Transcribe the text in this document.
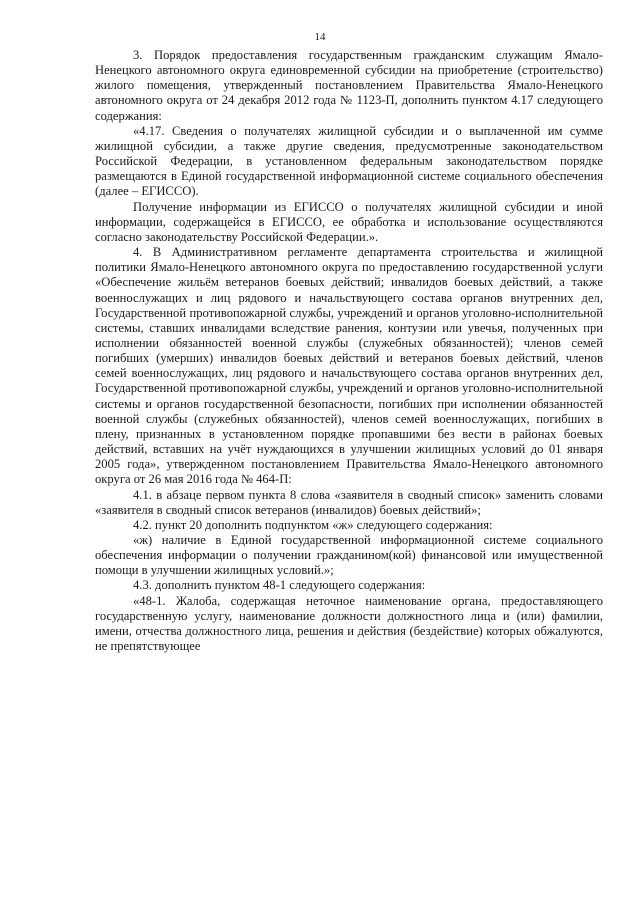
14

3. Порядок предоставления государственным гражданским служащим Ямало-Ненецкого автономного округа единовременной субсидии на приобретение (строительство) жилого помещения, утвержденный постановлением Правительства Ямало-Ненецкого автономного округа от 24 декабря 2012 года № 1123-П, дополнить пунктом 4.17 следующего содержания:

«4.17. Сведения о получателях жилищной субсидии и о выплаченной им сумме жилищной субсидии, а также другие сведения, предусмотренные законодательством Российской Федерации, в установленном федеральным законодательством порядке размещаются в Единой государственной информационной системе социального обеспечения (далее – ЕГИССО).

Получение информации из ЕГИССО о получателях жилищной субсидии и иной информации, содержащейся в ЕГИССО, ее обработка и использование осуществляются согласно законодательству Российской Федерации.».

4. В Административном регламенте департамента строительства и жилищной политики Ямало-Ненецкого автономного округа по предоставлению государственной услуги «Обеспечение жильём ветеранов боевых действий; инвалидов боевых действий, а также военнослужащих и лиц рядового и начальствующего состава органов внутренних дел, Государственной противопожарной службы, учреждений и органов уголовно-исполнительной системы, ставших инвалидами вследствие ранения, контузии или увечья, полученных при исполнении обязанностей военной службы (служебных обязанностей); членов семей погибших (умерших) инвалидов боевых действий и ветеранов боевых действий, членов семей военнослужащих, лиц рядового и начальствующего состава органов внутренних дел, Государственной противопожарной службы, учреждений и органов уголовно-исполнительной системы и органов государственной безопасности, погибших при исполнении обязанностей военной службы (служебных обязанностей), членов семей военнослужащих, погибших в плену, признанных в установленном порядке пропавшими без вести в районах боевых действий, вставших на учёт нуждающихся в улучшении жилищных условий до 01 января 2005 года», утвержденном постановлением Правительства Ямало-Ненецкого автономного округа от 26 мая 2016 года № 464-П:

4.1. в абзаце первом пункта 8 слова «заявителя в сводный список» заменить словами «заявителя в сводный список ветеранов (инвалидов) боевых действий»;

4.2. пункт 20 дополнить подпунктом «ж» следующего содержания:

«ж) наличие в Единой государственной информационной системе социального обеспечения информации о получении гражданином(кой) финансовой или имущественной помощи в улучшении жилищных условий.»;

4.3. дополнить пунктом 48-1 следующего содержания:

«48-1. Жалоба, содержащая неточное наименование органа, предоставляющего государственную услугу, наименование должности должностного лица и (или) фамилии, имени, отчества должностного лица, решения и действия (бездействие) которых обжалуются, не препятствующее
